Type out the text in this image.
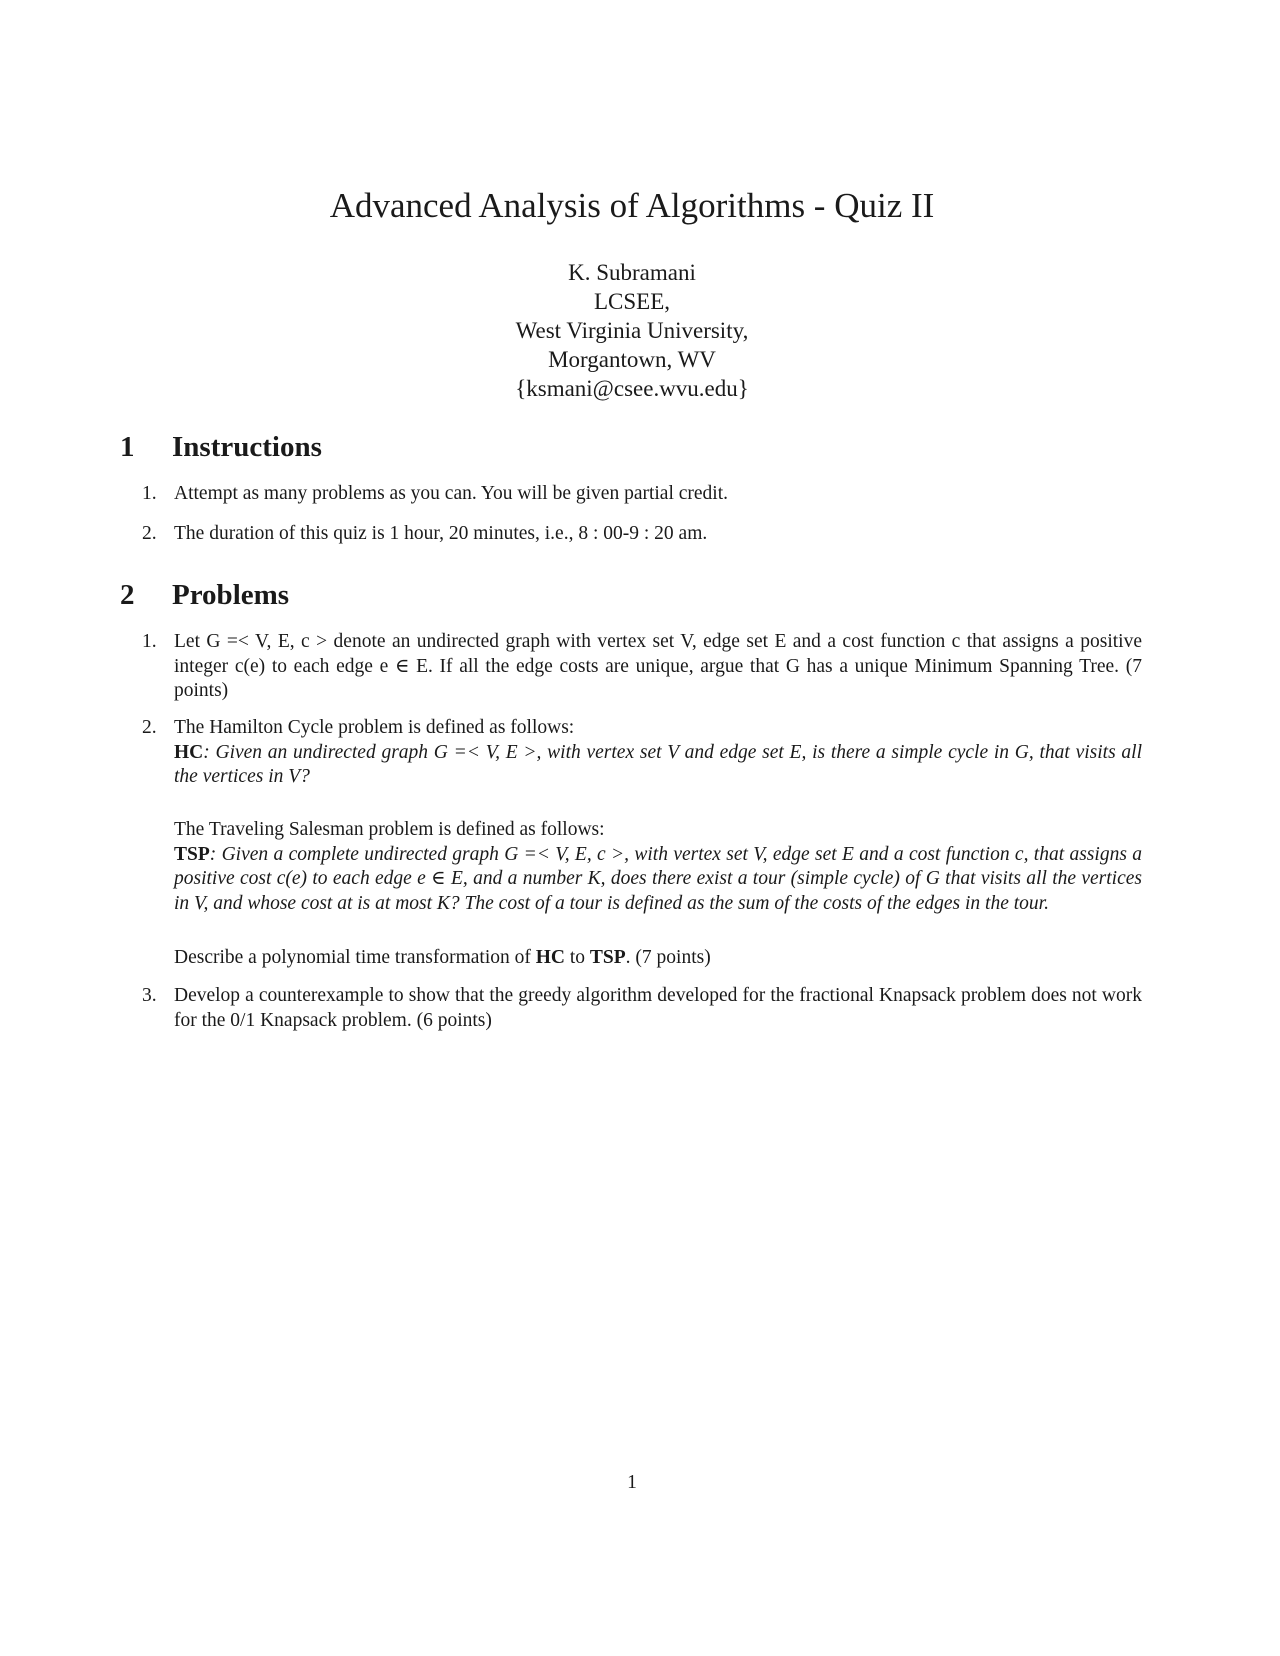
Advanced Analysis of Algorithms - Quiz II
K. Subramani
LCSEE,
West Virginia University,
Morgantown, WV
{ksmani@csee.wvu.edu}
1 Instructions
1. Attempt as many problems as you can. You will be given partial credit.
2. The duration of this quiz is 1 hour, 20 minutes, i.e., 8 : 00-9 : 20 am.
2 Problems
1. Let G =< V, E, c > denote an undirected graph with vertex set V, edge set E and a cost function c that assigns a positive integer c(e) to each edge e ∈ E. If all the edge costs are unique, argue that G has a unique Minimum Spanning Tree. (7 points)
2. The Hamilton Cycle problem is defined as follows:

HC: Given an undirected graph G =< V, E >, with vertex set V and edge set E, is there a simple cycle in G, that visits all the vertices in V?

The Traveling Salesman problem is defined as follows:

TSP: Given a complete undirected graph G =< V, E, c >, with vertex set V, edge set E and a cost function c, that assigns a positive cost c(e) to each edge e ∈ E, and a number K, does there exist a tour (simple cycle) of G that visits all the vertices in V, and whose cost at is at most K? The cost of a tour is defined as the sum of the costs of the edges in the tour.

Describe a polynomial time transformation of HC to TSP. (7 points)

3. Develop a counterexample to show that the greedy algorithm developed for the fractional Knapsack problem does not work for the 0/1 Knapsack problem. (6 points)
1
